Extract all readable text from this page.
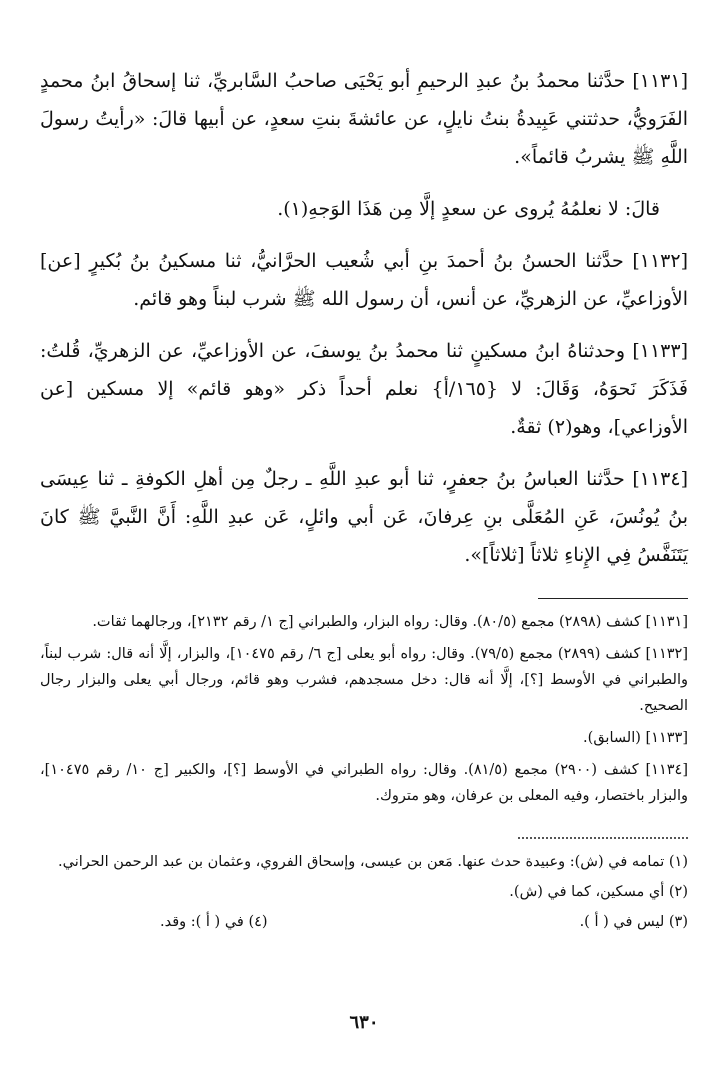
[١١٣١] حدَّثنا محمدُ بنُ عبدِ الرحيمِ أبو يَحْيَى صاحبُ السَّابريِّ، ثنا إسحاقُ ابنُ محمدٍ الفَرَويُّ، حدثتني عَبِيدةُ بنتُ نايلٍ، عن عائشةَ بنتِ سعدٍ، عن أبيها قالَ: «رأيتُ رسولَ اللَّهِ ﷺ يشربُ قائماً».

قالَ: لا نعلمُهُ يُروى عن سعدٍ إلَّا مِن هَذَا الوَجهِ(١).

[١١٣٢] حدَّثنا الحسنُ بنُ أحمدَ بنِ أبي شُعيب الحرَّانيُّ، ثنا مسكينُ بنُ بُكيرٍ [عن] الأوزاعيِّ، عن الزهريِّ، عن أنس، أن رسول الله ﷺ شرب لبناً وهو قائم.

[١١٣٣] وحدثناهُ ابنُ مسكينٍ ثنا محمدُ بنُ يوسفَ، عن الأوزاعيِّ، عن الزهريِّ، قُلتُ: فَذَكَرَ نَحوَهُ، وَقَالَ: لا {١٦٥/أ} نعلم أحداً ذكر «وهو قائم» إلا مسكين [عن الأوزاعي]، وهو(٢) ثقةٌ.

[١١٣٤] حدَّثنا العباسُ بنُ جعفرٍ، ثنا أبو عبدِ اللَّهِ ـ رجلٌ مِن أهلِ الكوفةِ ـ ثنا عِيسَى بنُ يُونُسَ، عَنِ المُعَلَّى بنِ عِرفانَ، عَن أبي وائلٍ، عَن عبدِ اللَّهِ: أَنَّ النَّبيَّ ﷺ كانَ يَتَنَفَّسُ فِي الإِناءِ ثلاثاً [ثلاثاً]».

[١١٣١] كشف (٢٨٩٨) مجمع (٨٠/٥). وقال: رواه البزار، والطبراني [ج ١/ رقم ٢١٣٢]، ورجالهما ثقات.

[١١٣٢] كشف (٢٨٩٩) مجمع (٧٩/٥). وقال: رواه أبو يعلى [ج ٦/ رقم ١٠٤٧٥]، والبزار، إلَّا أنه قال: شرب لبناً، والطبراني في الأوسط [؟]، إلَّا أنه قال: دخل مسجدهم، فشرب وهو قائم، ورجال أبي يعلى والبزار رجال الصحيح.

[١١٣٣] (السابق).

[١١٣٤] كشف (٢٩٠٠) مجمع (٨١/٥). وقال: رواه الطبراني في الأوسط [؟]، والكبير [ج ١٠/ رقم ١٠٤٧٥]، والبزار باختصار، وفيه المعلى بن عرفان، وهو متروك.

(١) تمامه في (ش): وعبيدة حدث عنها. مَعن بن عيسى، وإسحاق الفروي، وعثمان بن عبد الرحمن الحراني.

(٢) أي مسكين، كما في (ش).

(٣) ليس في ( أ ).
(٤) في ( أ ): وقد.
٦٣٠
